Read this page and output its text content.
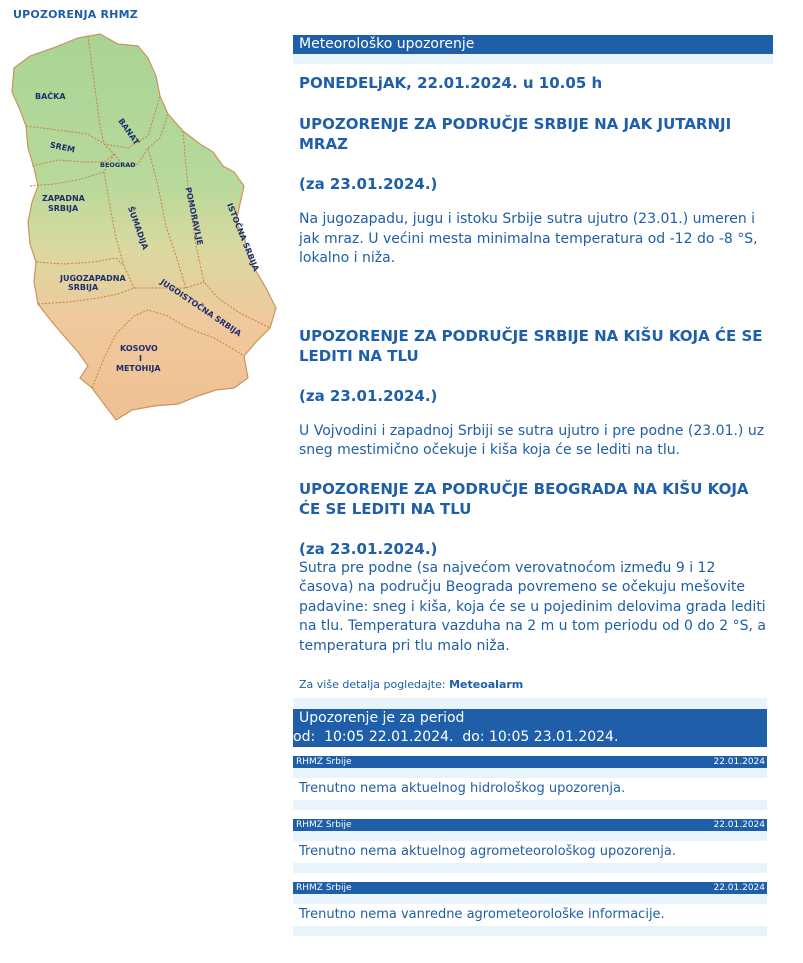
UPOZORENJA RHMZ
BAČKA
BANAT
SREM
BEOGRAD
ZAPADNA
SRBIJA	ŠUMADIJA	POMORAVLJE	ISTOČNA SRBIJA
JUGOZAPADNA
SRBIJA	JUGOISTOČNA SRBIJA
KOSOVO
I
METOHIJA
Meteorološko upozorenje
PONEDELjAK, 22.01.2024. u 10.05 h
UPOZORENJE ZA PODRUČJE SRBIJE NA JAK JUTARNJI MRAZ
(za 23.01.2024.)
Na jugozapadu, jugu i istoku Srbije sutra ujutro (23.01.) umeren i jak mraz. U većini mesta minimalna temperatura od -12 do -8 °S, lokalno i niža.
UPOZORENJE ZA PODRUČJE SRBIJE NA KIŠU KOJA ĆE SE LEDITI NA TLU
(za 23.01.2024.)
U Vojvodini i zapadnoj Srbiji se sutra ujutro i pre podne (23.01.) uz sneg mestimično očekuje i kiša koja će se lediti na tlu.
UPOZORENJE ZA PODRUČJE BEOGRADA NA KIŠU KOJA ĆE SE LEDITI NA TLU
(za 23.01.2024.)
Sutra pre podne (sa najvećom verovatnoćom između 9 i 12 časova) na području Beograda povremeno se očekuju mešovite padavine: sneg i kiša, koja će se u pojedinim delovima grada lediti na tlu. Temperatura vazduha na 2 m u tom periodu od 0 do 2 °S, a temperatura pri tlu malo niža.
Za više detalja pogledajte: Meteoalarm
Upozorenje je za period
od:  10:05 22.01.2024.  do: 10:05 23.01.2024.
RHMZ Srbije	22.01.2024
Trenutno nema aktuelnog hidrološkog upozorenja.
RHMZ Srbije	22.01.2024
Trenutno nema aktuelnog agrometeorološkog upozorenja.
RHMZ Srbije	22.01.2024
Trenutno nema vanredne agrometeorološke informacije.
